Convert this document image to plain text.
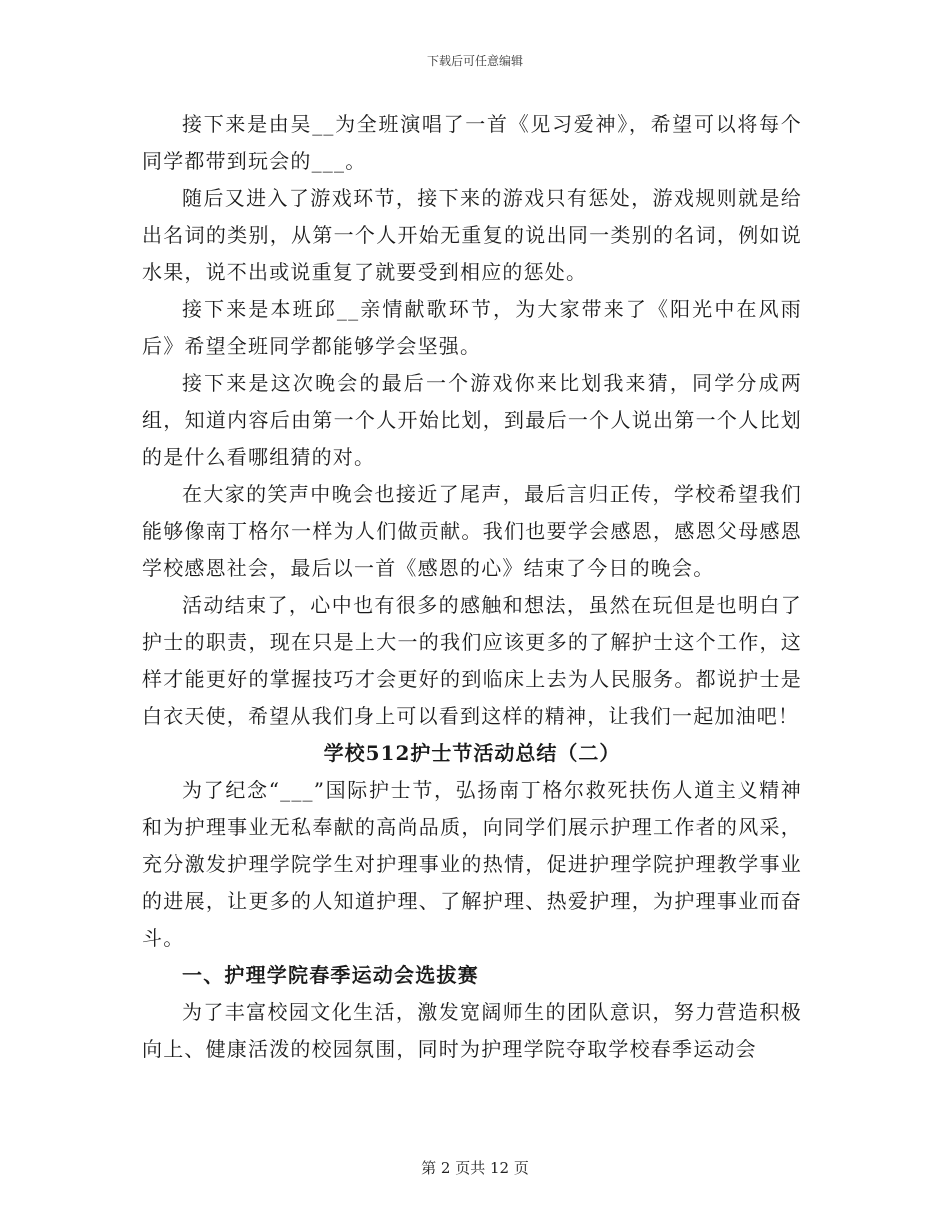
下载后可任意编辑

接下来是由吴__为全班演唱了一首《见习爱神》，希望可以将每个同学都带到玩会的___。

随后又进入了游戏环节，接下来的游戏只有惩处，游戏规则就是给出名词的类别，从第一个人开始无重复的说出同一类别的名词，例如说水果，说不出或说重复了就要受到相应的惩处。

接下来是本班邱__亲情献歌环节，为大家带来了《阳光中在风雨后》希望全班同学都能够学会坚强。

接下来是这次晚会的最后一个游戏你来比划我来猜，同学分成两组，知道内容后由第一个人开始比划，到最后一个人说出第一个人比划的是什么看哪组猜的对。

在大家的笑声中晚会也接近了尾声，最后言归正传，学校希望我们能够像南丁格尔一样为人们做贡献。我们也要学会感恩，感恩父母感恩学校感恩社会，最后以一首《感恩的心》结束了今日的晚会。

活动结束了，心中也有很多的感触和想法，虽然在玩但是也明白了护士的职责，现在只是上大一的我们应该更多的了解护士这个工作，这样才能更好的掌握技巧才会更好的到临床上去为人民服务。都说护士是白衣天使，希望从我们身上可以看到这样的精神，让我们一起加油吧！

学校512护士节活动总结（二）

为了纪念“___”国际护士节，弘扬南丁格尔救死扶伤人道主义精神和为护理事业无私奉献的高尚品质，向同学们展示护理工作者的风采，充分激发护理学院学生对护理事业的热情，促进护理学院护理教学事业的进展，让更多的人知道护理、了解护理、热爱护理，为护理事业而奋斗。

一、护理学院春季运动会选拔赛

为了丰富校园文化生活，激发宽阔师生的团队意识，努力营造积极向上、健康活泼的校园氛围，同时为护理学院夺取学校春季运动会

第 2 页共 12 页
